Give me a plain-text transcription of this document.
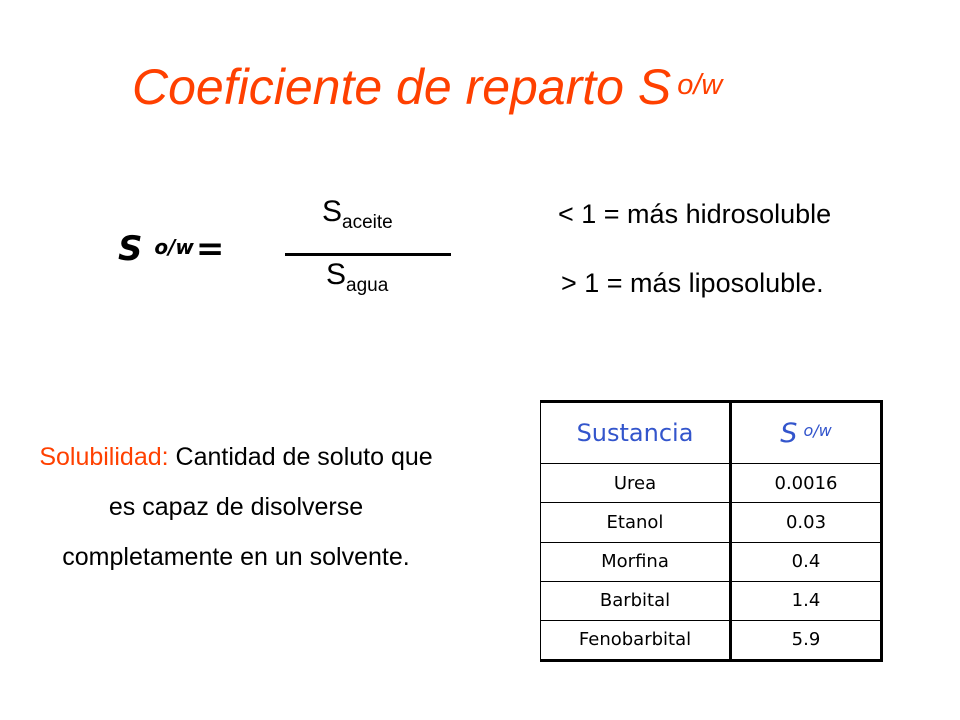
Coeficiente de reparto S $^{o/w}$
S $^{o/w}$=
$S_{aceite}$
$S_{agua}$
< 1 = más hidrosoluble
> 1 = más liposoluble.
Solubilidad: Cantidad de soluto que es capaz de disolverse completamente en un solvente.
Sustancia	S $^{o/w}$
Urea	0.0016
Etanol	0.03
Morfina	0.4
Barbital	1.4
Fenobarbital	5.9
